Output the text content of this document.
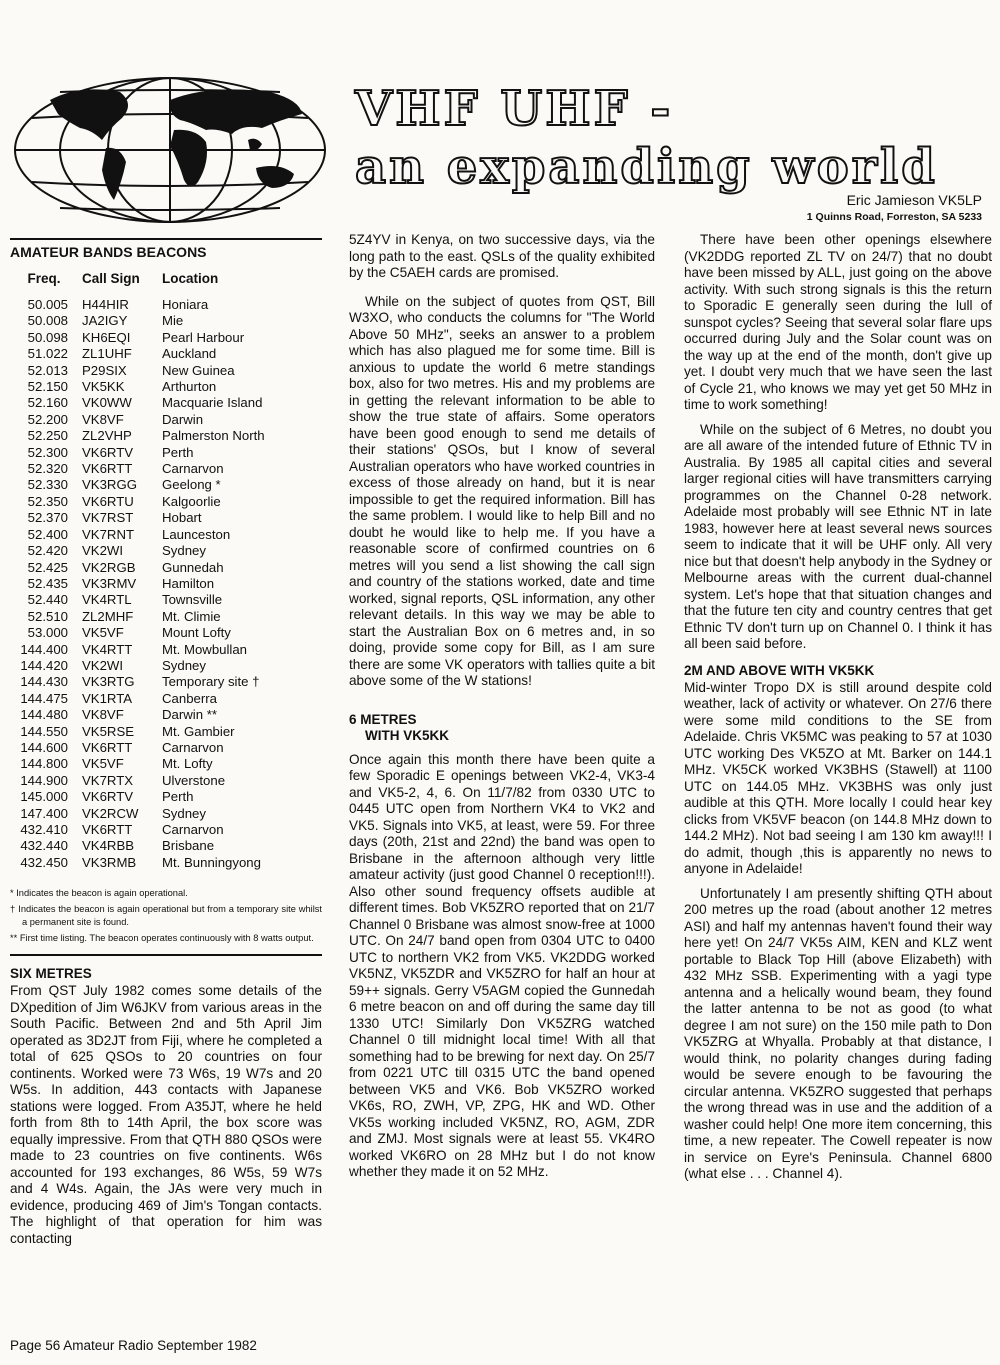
VHF UHF -
an expanding world
Eric Jamieson VK5LP
1 Quinns Road, Forreston, SA 5233
AMATEUR BANDS BEACONS
Freq.	Call Sign	Location
50.005	H44HIR	Honiara
50.008	JA2IGY	Mie
50.098	KH6EQI	Pearl Harbour
51.022	ZL1UHF	Auckland
52.013	P29SIX	New Guinea
52.150	VK5KK	Arthurton
52.160	VK0WW	Macquarie Island
52.200	VK8VF	Darwin
52.250	ZL2VHP	Palmerston North
52.300	VK6RTV	Perth
52.320	VK6RTT	Carnarvon
52.330	VK3RGG	Geelong *
52.350	VK6RTU	Kalgoorlie
52.370	VK7RST	Hobart
52.400	VK7RNT	Launceston
52.420	VK2WI	Sydney
52.425	VK2RGB	Gunnedah
52.435	VK3RMV	Hamilton
52.440	VK4RTL	Townsville
52.510	ZL2MHF	Mt. Climie
53.000	VK5VF	Mount Lofty
144.400	VK4RTT	Mt. Mowbullan
144.420	VK2WI	Sydney
144.430	VK3RTG	Temporary site †
144.475	VK1RTA	Canberra
144.480	VK8VF	Darwin **
144.550	VK5RSE	Mt. Gambier
144.600	VK6RTT	Carnarvon
144.800	VK5VF	Mt. Lofty
144.900	VK7RTX	Ulverstone
145.000	VK6RTV	Perth
147.400	VK2RCW	Sydney
432.410	VK6RTT	Carnarvon
432.440	VK4RBB	Brisbane
432.450	VK3RMB	Mt. Bunningyong
* Indicates the beacon is again operational.
† Indicates the beacon is again operational but from a temporary site whilst a permanent site is found.
** First time listing. The beacon operates continuously with 8 watts output.
SIX METRES

From QST July 1982 comes some details of the DXpedition of Jim W6JKV from various areas in the South Pacific. Between 2nd and 5th April Jim operated as 3D2JT from Fiji, where he completed a total of 625 QSOs to 20 countries on four continents. Worked were 73 W6s, 19 W7s and 20 W5s. In addition, 443 contacts with Japanese stations were logged. From A35JT, where he held forth from 8th to 14th April, the box score was equally impressive. From that QTH 880 QSOs were made to 23 countries on five continents. W6s accounted for 193 exchanges, 86 W5s, 59 W7s and 4 W4s. Again, the JAs were very much in evidence, producing 469 of Jim's Tongan contacts. The highlight of that operation for him was contacting

5Z4YV in Kenya, on two successive days, via the long path to the east. QSLs of the quality exhibited by the C5AEH cards are promised.

While on the subject of quotes from QST, Bill W3XO, who conducts the columns for "The World Above 50 MHz", seeks an answer to a problem which has also plagued me for some time. Bill is anxious to update the world 6 metre standings box, also for two metres. His and my problems are in getting the relevant information to be able to show the true state of affairs. Some operators have been good enough to send me details of their stations' QSOs, but I know of several Australian operators who have worked countries in excess of those already on hand, but it is near impossible to get the required information. Bill has the same problem. I would like to help Bill and no doubt he would like to help me. If you have a reasonable score of confirmed countries on 6 metres will you send a list showing the call sign and country of the stations worked, date and time worked, signal reports, QSL information, any other relevant details. In this way we may be able to start the Australian Box on 6 metres and, in so doing, provide some copy for Bill, as I am sure there are some VK operators with tallies quite a bit above some of the W stations!

6 METRES
WITH VK5KK

Once again this month there have been quite a few Sporadic E openings between VK2-4, VK3-4 and VK5-2, 4, 6. On 11/7/82 from 0330 UTC to 0445 UTC open from Northern VK4 to VK2 and VK5. Signals into VK5, at least, were 59. For three days (20th, 21st and 22nd) the band was open to Brisbane in the afternoon although very little amateur activity (just good Channel 0 reception!!!). Also other sound frequency offsets audible at different times. Bob VK5ZRO reported that on 21/7 Channel 0 Brisbane was almost snow-free at 1000 UTC. On 24/7 band open from 0304 UTC to 0400 UTC to northern VK2 from VK5. VK2DDG worked VK5NZ, VK5ZDR and VK5ZRO for half an hour at 59++ signals. Gerry V5AGM copied the Gunnedah 6 metre beacon on and off during the same day till 1330 UTC! Similarly Don VK5ZRG watched Channel 0 till midnight local time! With all that something had to be brewing for next day. On 25/7 from 0221 UTC till 0315 UTC the band opened between VK5 and VK6. Bob VK5ZRO worked VK6s, RO, ZWH, VP, ZPG, HK and WD. Other VK5s working included VK5NZ, RO, AGM, ZDR and ZMJ. Most signals were at least 55. VK4RO worked VK6RO on 28 MHz but I do not know whether they made it on 52 MHz.

There have been other openings elsewhere (VK2DDG reported ZL TV on 24/7) that no doubt have been missed by ALL, just going on the above activity. With such strong signals is this the return to Sporadic E generally seen during the lull of sunspot cycles? Seeing that several solar flare ups occurred during July and the Solar count was on the way up at the end of the month, don't give up yet. I doubt very much that we have seen the last of Cycle 21, who knows we may yet get 50 MHz in time to work something!

While on the subject of 6 Metres, no doubt you are all aware of the intended future of Ethnic TV in Australia. By 1985 all capital cities and several larger regional cities will have transmitters carrying programmes on the Channel 0-28 network. Adelaide most probably will see Ethnic NT in late 1983, however here at least several news sources seem to indicate that it will be UHF only. All very nice but that doesn't help anybody in the Sydney or Melbourne areas with the current dual-channel system. Let's hope that that situation changes and that the future ten city and country centres that get Ethnic TV don't turn up on Channel 0. I think it has all been said before.

2M AND ABOVE WITH VK5KK

Mid-winter Tropo DX is still around despite cold weather, lack of activity or whatever. On 27/6 there were some mild conditions to the SE from Adelaide. Chris VK5MC was peaking to 57 at 1030 UTC working Des VK5ZO at Mt. Barker on 144.1 MHz. VK5CK worked VK3BHS (Stawell) at 1100 UTC on 144.05 MHz. VK3BHS was only just audible at this QTH. More locally I could hear key clicks from VK5VF beacon (on 144.8 MHz down to 144.2 MHz). Not bad seeing I am 130 km away!!! I do admit, though ,this is apparently no news to anyone in Adelaide!

Unfortunately I am presently shifting QTH about 200 metres up the road (about another 12 metres ASI) and half my antennas haven't found their way here yet! On 24/7 VK5s AIM, KEN and KLZ went portable to Black Top Hill (above Elizabeth) with 432 MHz SSB. Experimenting with a yagi type antenna and a helically wound beam, they found the latter antenna to be not as good (to what degree I am not sure) on the 150 mile path to Don VK5ZRG at Whyalla. Probably at that distance, I would think, no polarity changes during fading would be severe enough to be favouring the circular antenna. VK5ZRO suggested that perhaps the wrong thread was in use and the addition of a washer could help! One more item concerning, this time, a new repeater. The Cowell repeater is now in service on Eyre's Peninsula. Channel 6800 (what else . . . Channel 4).

Page 56 Amateur Radio September 1982
